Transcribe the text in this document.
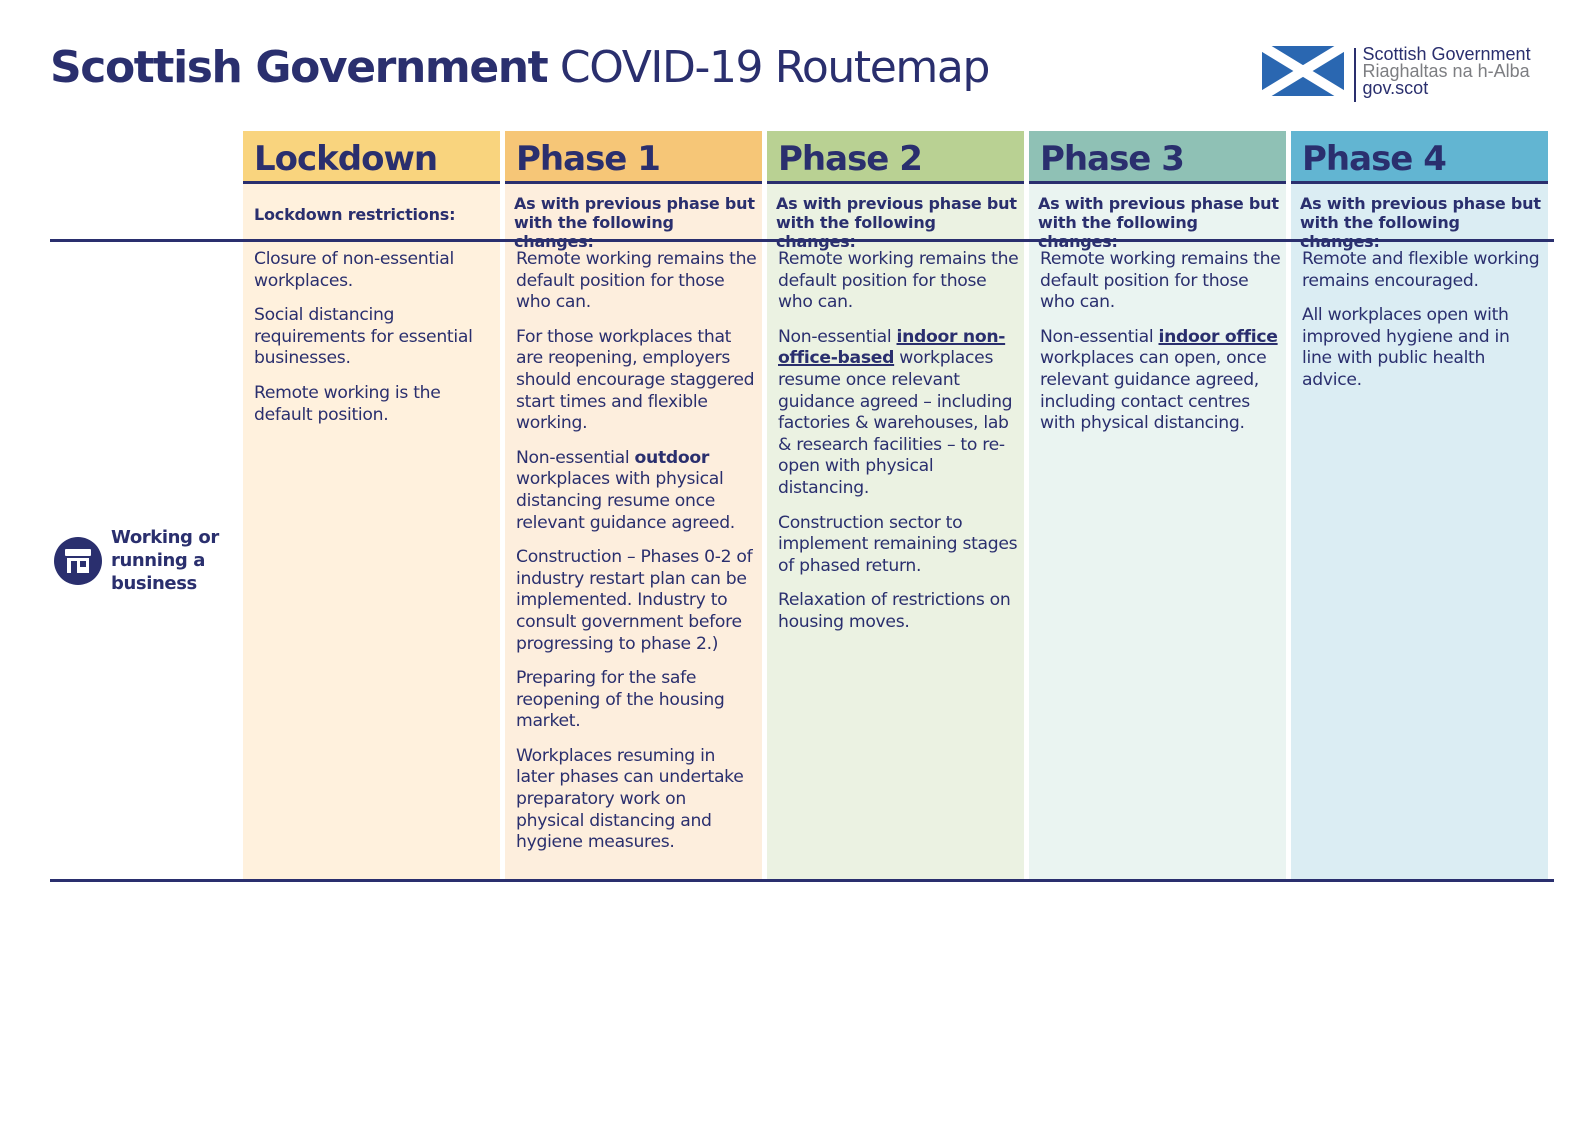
Scottish Government COVID-19 Routemap	Scottish Government
Riaghaltas na h-Alba
gov.scot
Lockdown
Lockdown restrictions:

Closure of non-essential workplaces.

Social distancing requirements for essential businesses.

Remote working is the default position.

Phase 1
As with previous phase but with the following

Remote working remains the default position for those who can.

For those workplaces that are reopening, employers should encourage staggered start times and flexible working.

Non-essential outdoor workplaces with physical distancing resume once relevant guidance agreed.

Construction – Phases 0-2 of industry restart plan can be implemented. Industry to consult government before progressing to phase 2.)

Preparing for the safe reopening of the housing market.

Workplaces resuming in later phases can undertake preparatory work on physical distancing and hygiene measures.

Phase 2
As with previous phase but with the following

Remote working remains the default position for those who can.

Non-essential indoor non-office-based workplaces resume once relevant guidance agreed – including factories & warehouses, lab & research facilities – to re-open with physical distancing.

Construction sector to implement remaining stages of phased return.

Relaxation of restrictions on housing moves.

Phase 3
As with previous phase but with the following

Remote working remains the default position for those who can.

Non-essential indoor office workplaces can open, once relevant guidance agreed, including contact centres with physical distancing.

Phase 4
As with previous phase but with the following

Remote and flexible working remains encouraged.

All workplaces open with improved hygiene and in line with public health advice.

Working or
running a
business
